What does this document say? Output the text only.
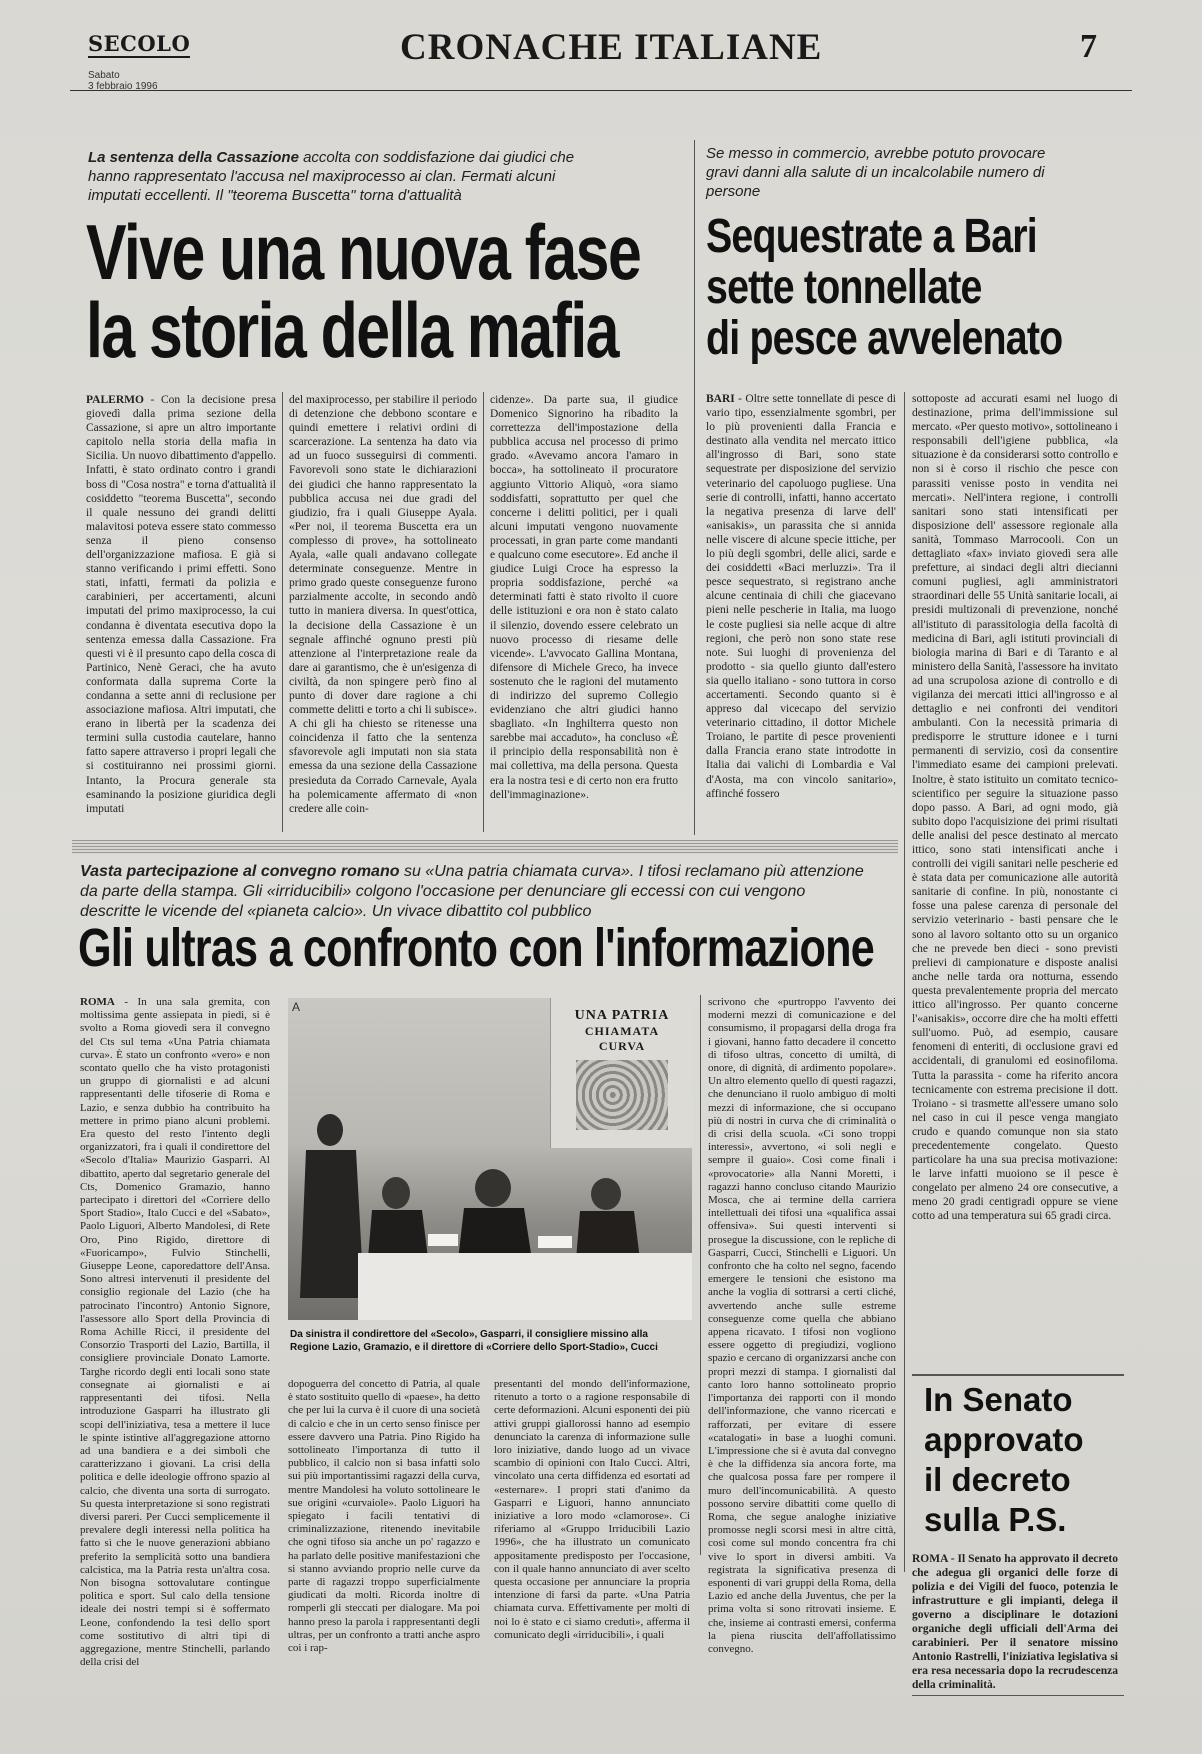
SECOLO
Sabato
3 febbraio 1996
CRONACHE ITALIANE	7
La sentenza della Cassazione accolta con soddisfazione dai giudici che hanno rappresentato l'accusa nel maxiprocesso ai clan. Fermati alcuni imputati eccellenti. Il "teorema Buscetta" torna d'attualità
Vive una nuova fase
la storia della mafia
PALERMO - Con la decisione presa giovedì dalla prima sezione della Cassazione, si apre un altro importante capitolo nella storia della mafia in Sicilia. Un nuovo dibattimento d'appello. Infatti, è stato ordinato contro i grandi boss di "Cosa nostra" e torna d'attualità il cosiddetto "teorema Buscetta", secondo il quale nessuno dei grandi delitti malavitosi poteva essere stato commesso senza il pieno consenso dell'organizzazione mafiosa. E già si stanno verificando i primi effetti. Sono stati, infatti, fermati da polizia e carabinieri, per accertamenti, alcuni imputati del primo maxiprocesso, la cui condanna è diventata esecutiva dopo la sentenza emessa dalla Cassazione. Fra questi vi è il presunto capo della cosca di Partinico, Nenè Geraci, che ha avuto conformata dalla suprema Corte la condanna a sette anni di reclusione per associazione mafiosa. Altri imputati, che erano in libertà per la scadenza dei termini sulla custodia cautelare, hanno fatto sapere attraverso i propri legali che si costituiranno nei prossimi giorni. Intanto, la Procura generale sta esaminando la posizione giuridica degli imputati
del maxiprocesso, per stabilire il periodo di detenzione che debbono scontare e quindi emettere i relativi ordini di scarcerazione. La sentenza ha dato via ad un fuoco susseguirsi di commenti. Favorevoli sono state le dichiarazioni dei giudici che hanno rappresentato la pubblica accusa nei due gradi del giudizio, fra i quali Giuseppe Ayala. «Per noi, il teorema Buscetta era un complesso di prove», ha sottolineato Ayala, «alle quali andavano collegate determinate conseguenze. Mentre in primo grado queste conseguenze furono parzialmente accolte, in secondo andò tutto in maniera diversa. In quest'ottica, la decisione della Cassazione è un segnale affinché ognuno presti più attenzione al l'interpretazione reale da dare ai garantismo, che è un'esigenza di civiltà, da non spingere però fino al punto di dover dare ragione a chi commette delitti e torto a chi li subisce». A chi gli ha chiesto se ritenesse una coincidenza il fatto che la sentenza sfavorevole agli imputati non sia stata emessa da una sezione della Cassazione presieduta da Corrado Carnevale, Ayala ha polemicamente affermato di «non credere alle coin-
cidenze». Da parte sua, il giudice Domenico Signorino ha ribadito la correttezza dell'impostazione della pubblica accusa nel processo di primo grado. «Avevamo ancora l'amaro in bocca», ha sottolineato il procuratore aggiunto Vittorio Aliquò, «ora siamo soddisfatti, soprattutto per quel che concerne i delitti politici, per i quali alcuni imputati vengono nuovamente processati, in gran parte come mandanti e qualcuno come esecutore». Ed anche il giudice Luigi Croce ha espresso la propria soddisfazione, perché «a determinati fatti è stato rivolto il cuore delle istituzioni e ora non è stato calato il silenzio, dovendo essere celebrato un nuovo processo di riesame delle vicende». L'avvocato Gallina Montana, difensore di Michele Greco, ha invece sostenuto che le ragioni del mutamento di indirizzo del supremo Collegio evidenziano che altri giudici hanno sbagliato. «In Inghilterra questo non sarebbe mai accaduto», ha concluso «È il principio della responsabilità non è mai collettiva, ma della persona. Questa era la nostra tesi e di certo non era frutto dell'immaginazione».
Se messo in commercio, avrebbe potuto provocare gravi danni alla salute di un incalcolabile numero di persone
Sequestrate a Bari
sette tonnellate
di pesce avvelenato
BARI - Oltre sette tonnellate di pesce di vario tipo, essenzialmente sgombri, per lo più provenienti dalla Francia e destinato alla vendita nel mercato ittico all'ingrosso di Bari, sono state sequestrate per disposizione del servizio veterinario del capoluogo pugliese. Una serie di controlli, infatti, hanno accertato la negativa presenza di larve dell' «anisakis», un parassita che si annida nelle viscere di alcune specie ittiche, per lo più degli sgombri, delle alici, sarde e dei cosiddetti «Baci merluzzi». Tra il pesce sequestrato, si registrano anche alcune centinaia di chili che giacevano pieni nelle pescherie in Italia, ma luogo le coste pugliesi sia nelle acque di altre regioni, che però non sono state rese note. Sui luoghi di provenienza del prodotto - sia quello giunto dall'estero sia quello italiano - sono tuttora in corso accertamenti. Secondo quanto si è appreso dal vicecapo del servizio veterinario cittadino, il dottor Michele Troiano, le partite di pesce provenienti dalla Francia erano state introdotte in Italia dai valichi di Lombardia e Val d'Aosta, ma con vincolo sanitario», affinché fossero
sottoposte ad accurati esami nel luogo di destinazione, prima dell'immissione sul mercato. «Per questo motivo», sottolineano i responsabili dell'igiene pubblica, «la situazione è da considerarsi sotto controllo e non si è corso il rischio che pesce con parassiti venisse posto in vendita nei mercati». Nell'intera regione, i controlli sanitari sono stati intensificati per disposizione dell' assessore regionale alla sanità, Tommaso Marrocooli. Con un dettagliato «fax» inviato giovedì sera alle prefetture, ai sindaci degli altri diecianni comuni pugliesi, agli amministratori straordinari delle 55 Unità sanitarie locali, ai presidi multizonali di prevenzione, nonché all'istituto di parassitologia della facoltà di medicina di Bari, agli istituti provinciali di biologia marina di Bari e di Taranto e al ministero della Sanità, l'assessore ha invitato ad una scrupolosa azione di controllo e di vigilanza dei mercati ittici all'ingrosso e al dettaglio e nei confronti dei venditori ambulanti. Con la necessità primaria di predisporre le strutture idonee e i turni permanenti di servizio, così da consentire l'immediato esame dei campioni prelevati. Inoltre, è stato istituito un comitato tecnico-scientifico per seguire la situazione passo dopo passo. A Bari, ad ogni modo, già subito dopo l'acquisizione dei primi risultati delle analisi del pesce destinato al mercato ittico, sono stati intensificati anche i controlli dei vigili sanitari nelle pescherie ed è stata data per comunicazione alle autorità sanitarie di confine. In più, nonostante ci fosse una palese carenza di personale del servizio veterinario - basti pensare che le sono al lavoro soltanto otto su un organico che ne prevede ben dieci - sono previsti prelievi di campionature e disposte analisi anche nelle tarda ora notturna, essendo questa prevalentemente propria del mercato ittico all'ingrosso. Per quanto concerne l'«anisakis», occorre dire che ha molti effetti sull'uomo. Può, ad esempio, causare fenomeni di enteriti, di occlusione gravi ed accidentali, di granulomi ed eosinofiloma. Tutta la parassita - come ha riferito ancora tecnicamente con estrema precisione il dott. Troiano - si trasmette all'essere umano solo nel caso in cui il pesce venga mangiato crudo e quando comunque non sia stato precedentemente congelato. Questo particolare ha una sua precisa motivazione: le larve infatti muoiono se il pesce è congelato per almeno 24 ore consecutive, a meno 20 gradi centigradi oppure se viene cotto ad una temperatura sui 65 gradi circa.
Vasta partecipazione al convegno romano su «Una patria chiamata curva». I tifosi reclamano più attenzione da parte della stampa. Gli «irriducibili» colgono l'occasione per denunciare gli eccessi con cui vengono descritte le vicende del «pianeta calcio». Un vivace dibattito col pubblico
Gli ultras a confronto con l'informazione
ROMA - In una sala gremita, con moltissima gente assiepata in piedi, si è svolto a Roma giovedì sera il convegno del Cts sul tema «Una Patria chiamata curva». È stato un confronto «vero» e non scontato quello che ha visto protagonisti un gruppo di giornalisti e ad alcuni rappresentanti delle tifoserie di Roma e Lazio, e senza dubbio ha contribuito ha mettere in primo piano alcuni problemi. Era questo del resto l'intento degli organizzatori, fra i quali il condirettore del «Secolo d'Italia» Maurizio Gasparri. Al dibattito, aperto dal segretario generale del Cts, Domenico Gramazio, hanno partecipato i direttori del «Corriere dello Sport Stadio», Italo Cucci e del «Sabato», Paolo Liguori, Alberto Mandolesi, di Rete Oro, Pino Rigido, direttore di «Fuoricampo», Fulvio Stinchelli, Giuseppe Leone, caporedattore dell'Ansa. Sono altresì intervenuti il presidente del consiglio regionale del Lazio (che ha patrocinato l'incontro) Antonio Signore, l'assessore allo Sport della Provincia di Roma Achille Ricci, il presidente del Consorzio Trasporti del Lazio, Bartilla, il consigliere provinciale Donato Lamorte. Targhe ricordo degli enti locali sono state consegnate ai giornalisti e ai rappresentanti dei tifosi. Nella introduzione Gasparri ha illustrato gli scopi dell'iniziativa, tesa a mettere il luce le spinte istintive all'aggregazione attorno ad una bandiera e a dei simboli che caratterizzano i giovani. La crisi della politica e delle ideologie offrono spazio al calcio, che diventa una sorta di surrogato. Su questa interpretazione si sono registrati diversi pareri. Per Cucci semplicemente il prevalere degli interessi nella politica ha fatto sì che le nuove generazioni abbiano preferito la semplicità sotto una bandiera calcistica, ma la Patria resta un'altra cosa. Non bisogna sottovalutare contingue politica e sport. Sul calo della tensione ideale dei nostri tempi si è soffermato Leone, confondendo la tesi dello sport come sostitutivo di altri tipi di aggregazione, mentre Stinchelli, parlando della crisi del
A
UNA PATRIA
CHIAMATA
CURVA
Da sinistra il condirettore del «Secolo», Gasparri, il consigliere missino alla Regione Lazio, Gramazio, e il direttore di «Corriere dello Sport-Stadio», Cucci
dopoguerra del concetto di Patria, al quale è stato sostituito quello di «paese», ha detto che per lui la curva è il cuore di una società di calcio e che in un certo senso finisce per essere davvero una Patria. Pino Rigido ha sottolineato l'importanza di tutto il pubblico, il calcio non si basa infatti solo sui più importantissimi ragazzi della curva, mentre Mandolesi ha voluto sottolineare le sue origini «curvaiole». Paolo Liguori ha spiegato i facili tentativi di criminalizzazione, ritenendo inevitabile che ogni tifoso sia anche un po' ragazzo e ha parlato delle positive manifestazioni che si stanno avviando proprio nelle curve da parte di ragazzi troppo superficialmente giudicati da molti. Ricorda inoltre di romperli gli steccati per dialogare. Ma poi hanno preso la parola i rappresentanti degli ultras, per un confronto a tratti anche aspro coi i rap-
presentanti del mondo dell'informazione, ritenuto a torto o a ragione responsabile di certe deformazioni. Alcuni esponenti dei più attivi gruppi giallorossi hanno ad esempio denunciato la carenza di informazione sulle loro iniziative, dando luogo ad un vivace scambio di opinioni con Italo Cucci. Altri, vincolato una certa diffidenza ed esortati ad «esternare». I propri stati d'animo da Gasparri e Liguori, hanno annunciato iniziative a loro modo «clamorose». Ci riferiamo al «Gruppo Irriducibili Lazio 1996», che ha illustrato un comunicato appositamente predisposto per l'occasione, con il quale hanno annunciato di aver scelto questa occasione per annunciare la propria intenzione di farsi da parte. «Una Patria chiamata curva. Effettivamente per molti di noi lo è stato e ci siamo creduti», afferma il comunicato degli «irriducibili», i quali
scrivono che «purtroppo l'avvento dei moderni mezzi di comunicazione e del consumismo, il propagarsi della droga fra i giovani, hanno fatto decadere il concetto di tifoso ultras, concetto di umiltà, di onore, di dignità, di ardimento popolare». Un altro elemento quello di questi ragazzi, che denunciano il ruolo ambiguo di molti mezzi di informazione, che si occupano più di nostri in curva che di criminalità o di crisi della scuola. «Ci sono troppi interessi», avvertono, «i soli negli e sempre il guaio». Così come finali i «provocatorie» alla Nanni Moretti, i ragazzi hanno concluso citando Maurizio Mosca, che ai termine della carriera intellettuali dei tifosi una «qualifica assai offensiva». Sui questi interventi si prosegue la discussione, con le repliche di Gasparri, Cucci, Stinchelli e Liguori. Un confronto che ha colto nel segno, facendo emergere le tensioni che esistono ma anche la voglia di sottrarsi a certi cliché, avvertendo anche sulle estreme conseguenze come quella che abbiano appena ricavato. I tifosi non vogliono essere oggetto di pregiudizi, vogliono spazio e cercano di organizzarsi anche con propri mezzi di stampa. I giornalisti dal canto loro hanno sottolineato proprio l'importanza dei rapporti con il mondo dell'informazione, che vanno ricercati e rafforzati, per evitare di essere «catalogati» in base a luoghi comuni. L'impressione che si è avuta dal convegno è che la diffidenza sia ancora forte, ma che qualcosa possa fare per rompere il muro dell'incomunicabilità. A questo possono servire dibattiti come quello di Roma, che segue analoghe iniziative promosse negli scorsi mesi in altre città, così come sul mondo concentra fra chi vive lo sport in diversi ambiti. Va registrata la significativa presenza di esponenti di vari gruppi della Roma, della Lazio ed anche della Juventus, che per la prima volta si sono ritrovati insieme. E che, insieme ai contrasti emersi, conferma la piena riuscita dell'affollatissimo convegno.
In Senato
approvato
il decreto
sulla P.S.
ROMA - Il Senato ha approvato il decreto che adegua gli organici delle forze di polizia e dei Vigili del fuoco, potenzia le infrastrutture e gli impianti, delega il governo a disciplinare le dotazioni organiche degli ufficiali dell'Arma dei carabinieri. Per il senatore missino Antonio Rastrelli, l'iniziativa legislativa si era resa necessaria dopo la recrudescenza della criminalità.
